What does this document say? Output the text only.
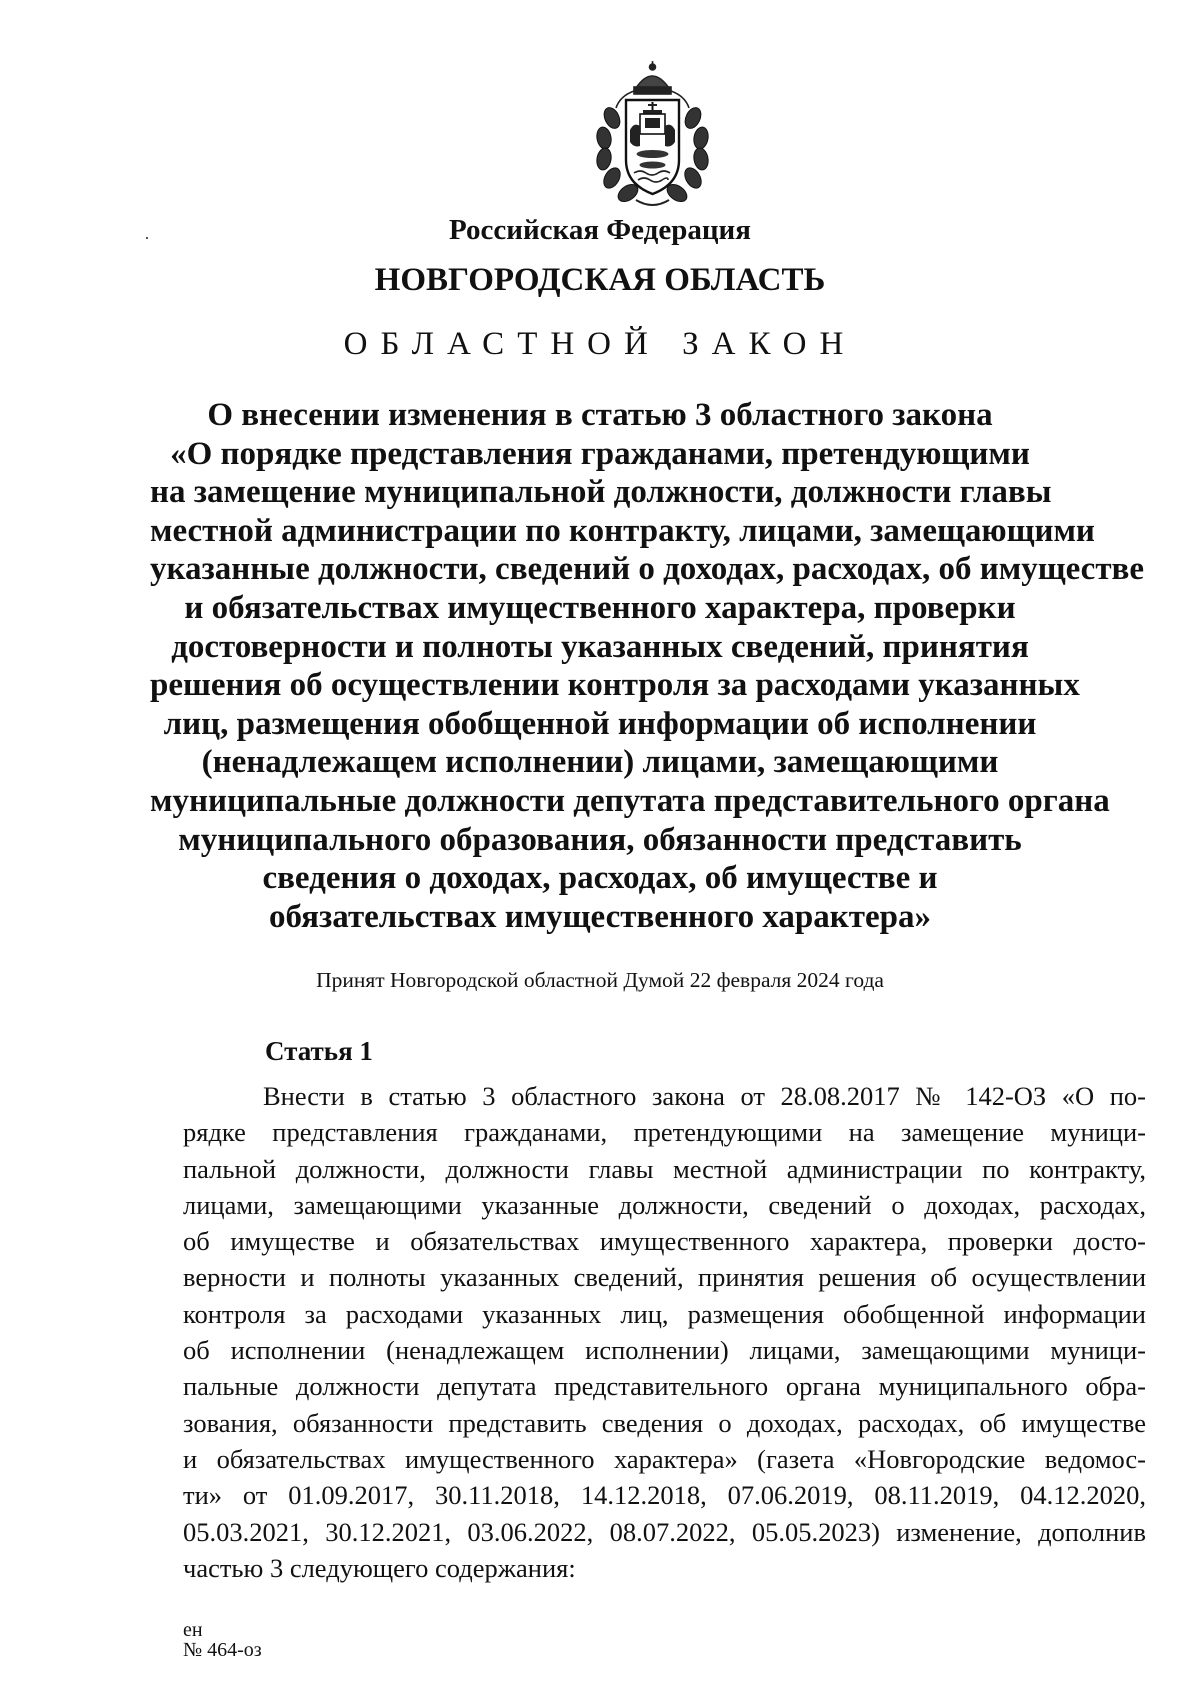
Российская Федерация
НОВГОРОДСКАЯ ОБЛАСТЬ
ОБЛАСТНОЙ ЗАКОН
О внесении изменения в статью 3 областного закона
«О порядке представления гражданами, претендующими
на замещение муниципальной должности, должности главы
местной администрации по контракту, лицами, замещающими
указанные должности, сведений о доходах, расходах, об имуществе
и обязательствах имущественного характера, проверки
достоверности и полноты указанных сведений, принятия
решения об осуществлении контроля за расходами указанных
лиц, размещения обобщенной информации об исполнении
(ненадлежащем исполнении) лицами, замещающими
муниципальные должности депутата представительного органа
муниципального образования, обязанности представить
сведения о доходах, расходах, об имуществе и
обязательствах имущественного характера»
Принят Новгородской областной Думой 22 февраля 2024 года
Статья 1
Внести в статью 3 областного закона от 28.08.2017 № 142-ОЗ «О по-
рядке представления гражданами, претендующими на замещение муници-
пальной должности, должности главы местной администрации по контракту,
лицами, замещающими указанные должности, сведений о доходах, расходах,
об имуществе и обязательствах имущественного характера, проверки досто-
верности и полноты указанных сведений, принятия решения об осуществлении
контроля за расходами указанных лиц, размещения обобщенной информации
об исполнении (ненадлежащем исполнении) лицами, замещающими муници-
пальные должности депутата представительного органа муниципального обра-
зования, обязанности представить сведения о доходах, расходах, об имуществе
и обязательствах имущественного характера» (газета «Новгородские ведомос-
ти» от 01.09.2017, 30.11.2018, 14.12.2018, 07.06.2019, 08.11.2019, 04.12.2020,
05.03.2021, 30.12.2021, 03.06.2022, 08.07.2022, 05.05.2023) изменение, дополнив
частью 3 следующего содержания:
ен
№ 464-оз
